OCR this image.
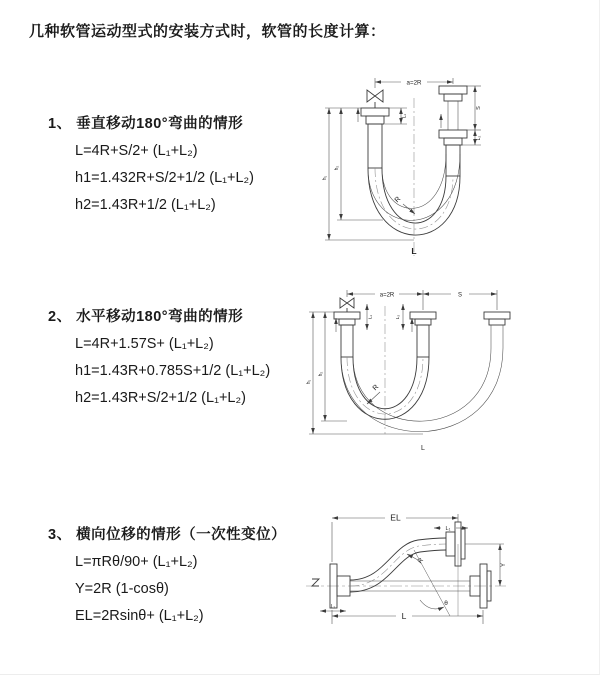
几种软管运动型式的安装方式时，软管的长度计算：
1、 垂直移动180°弯曲的情形
L=4R+S/2+ (L₁+L₂)
h1=1.432R+S/2+1/2 (L₁+L₂)
h2=1.43R+1/2 (L₁+L₂)
2、 水平移动180°弯曲的情形
L=4R+1.57S+ (L₁+L₂)
h1=1.43R+0.785S+1/2 (L₁+L₂)
h2=1.43R+S/2+1/2 (L₁+L₂)
3、 横向位移的情形（一次性变位）
L=πRθ/90+ (L₁+L₂)
Y=2R (1-cosθ)
EL=2Rsinθ+ (L₁+L₂)
a=2R
S
L₂
L₁
h₁
h₂
R
L
a=2R	S
L₁	L₂
h₁
h₂
R
L
EL
L₁
Y
θ
R
L
L₂
